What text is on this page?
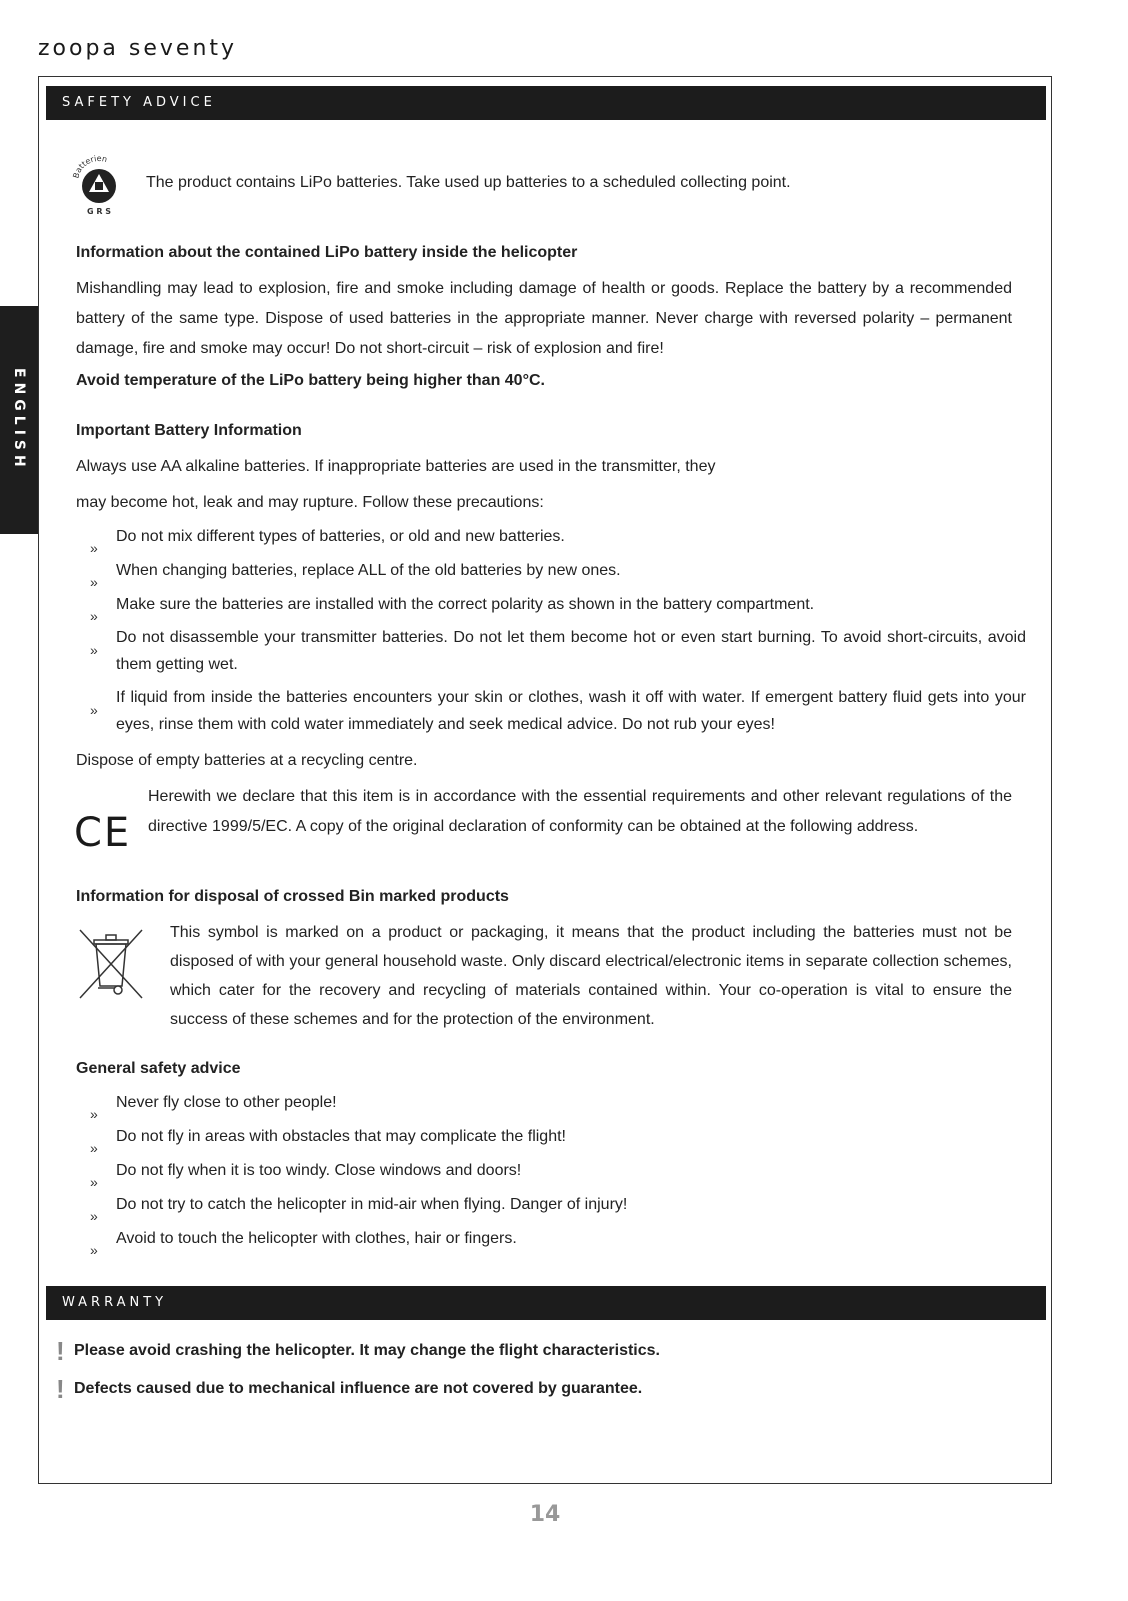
zoopa seventy
ENGLISH
SAFETY ADVICE
Batterien
G R S
The product contains LiPo batteries. Take used up batteries to a scheduled collecting point.
Information about the contained LiPo battery inside the helicopter
Mishandling may lead to explosion, fire and smoke including damage of health or goods. Replace the battery by a recommended battery of the same type. Dispose of used batteries in the appropriate manner. Never charge with reversed polarity – permanent damage, fire and smoke may occur! Do not short-circuit – risk of explosion and fire!
Avoid temperature of the LiPo battery being higher than 40°C.
Important Battery Information
Always use AA alkaline batteries. If inappropriate batteries are used in the transmitter, they
may become hot, leak and may rupture. Follow these precautions:
»
Do not mix different types of batteries, or old and new batteries.
»
When changing batteries, replace ALL of the old batteries by new ones.
»
Make sure the batteries are installed with the correct polarity as shown in the battery compartment.
»
Do not disassemble your transmitter batteries. Do not let them become hot or even start burning. To avoid short-circuits, avoid them getting wet.
»
If liquid from inside the batteries encounters your skin or clothes, wash it off with water. If emergent battery fluid gets into your eyes, rinse them with cold water immediately and seek medical advice. Do not rub your eyes!
Dispose of empty batteries at a recycling centre.
CE
Herewith we declare that this item is in accordance with the essential requirements and other relevant regulations of the directive 1999/5/EC. A copy of the original declaration of conformity can be obtained at the following address.
Information for disposal of crossed Bin marked products
This symbol is marked on a product or packaging, it means that the product including the batteries must not be disposed of with your general household waste. Only discard electrical/electronic items in separate collection schemes, which cater for the recovery and recycling of materials contained within. Your co-operation is vital to ensure the success of these schemes and for the protection of the environment.
General safety advice
»
Never fly close to other people!
»
Do not fly in areas with obstacles that may complicate the flight!
»
Do not fly when it is too windy. Close windows and doors!
»
Do not try to catch the helicopter in mid-air when flying. Danger of injury!
»
Avoid to touch the helicopter with clothes, hair or fingers.
WARRANTY
! Please avoid crashing the helicopter. It may change the flight characteristics.
! Defects caused due to mechanical influence are not covered by guarantee.
14
